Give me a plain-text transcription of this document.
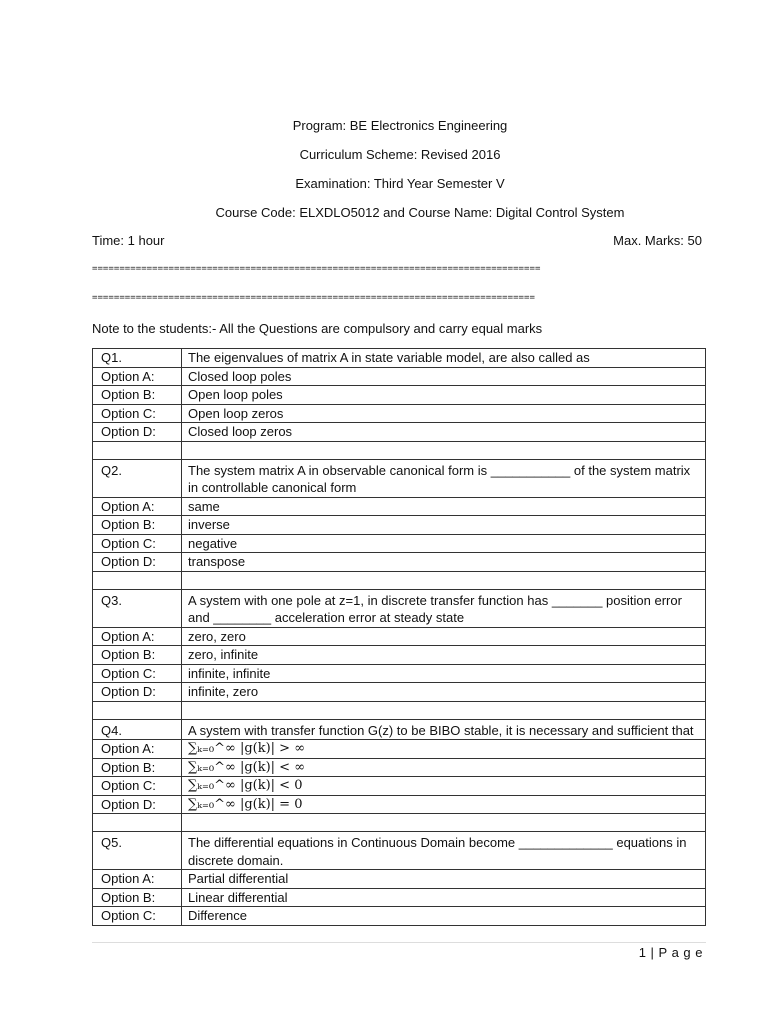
Program: BE Electronics Engineering
Curriculum Scheme: Revised 2016
Examination: Third Year Semester V
Course Code: ELXDLO5012 and Course Name: Digital Control System
Time: 1 hour	Max. Marks: 50
==================================================================================
=================================================================================
Note to the students:- All the Questions are compulsory and carry equal marks
Q1.	The eigenvalues of matrix A in state variable model, are also called as
Option A:	Closed loop poles
Option B:	Open loop poles
Option C:	Open loop zeros
Option D:	Closed loop zeros

Q2.	The system matrix A in observable canonical form is ___________ of the system matrix in controllable canonical form
Option A:	same
Option B:	inverse
Option C:	negative
Option D:	transpose

Q3.	A system with one pole at z=1, in discrete transfer function has _______ position error and ________ acceleration error at steady state
Option A:	zero, zero
Option B:	zero, infinite
Option C:	infinite, infinite
Option D:	infinite, zero

Q4.	A system with transfer function G(z) to be BIBO stable, it is necessary and sufficient that
Option A:	∑ₖ₌₀^∞ |g(k)| > ∞
Option B:	∑ₖ₌₀^∞ |g(k)| < ∞
Option C:	∑ₖ₌₀^∞ |g(k)| < 0
Option D:	∑ₖ₌₀^∞ |g(k)| = 0

Q5.	The differential equations in Continuous Domain become _____________ equations in discrete domain.
Option A:	Partial differential
Option B:	Linear differential
Option C:	Difference
1 | P a g e
